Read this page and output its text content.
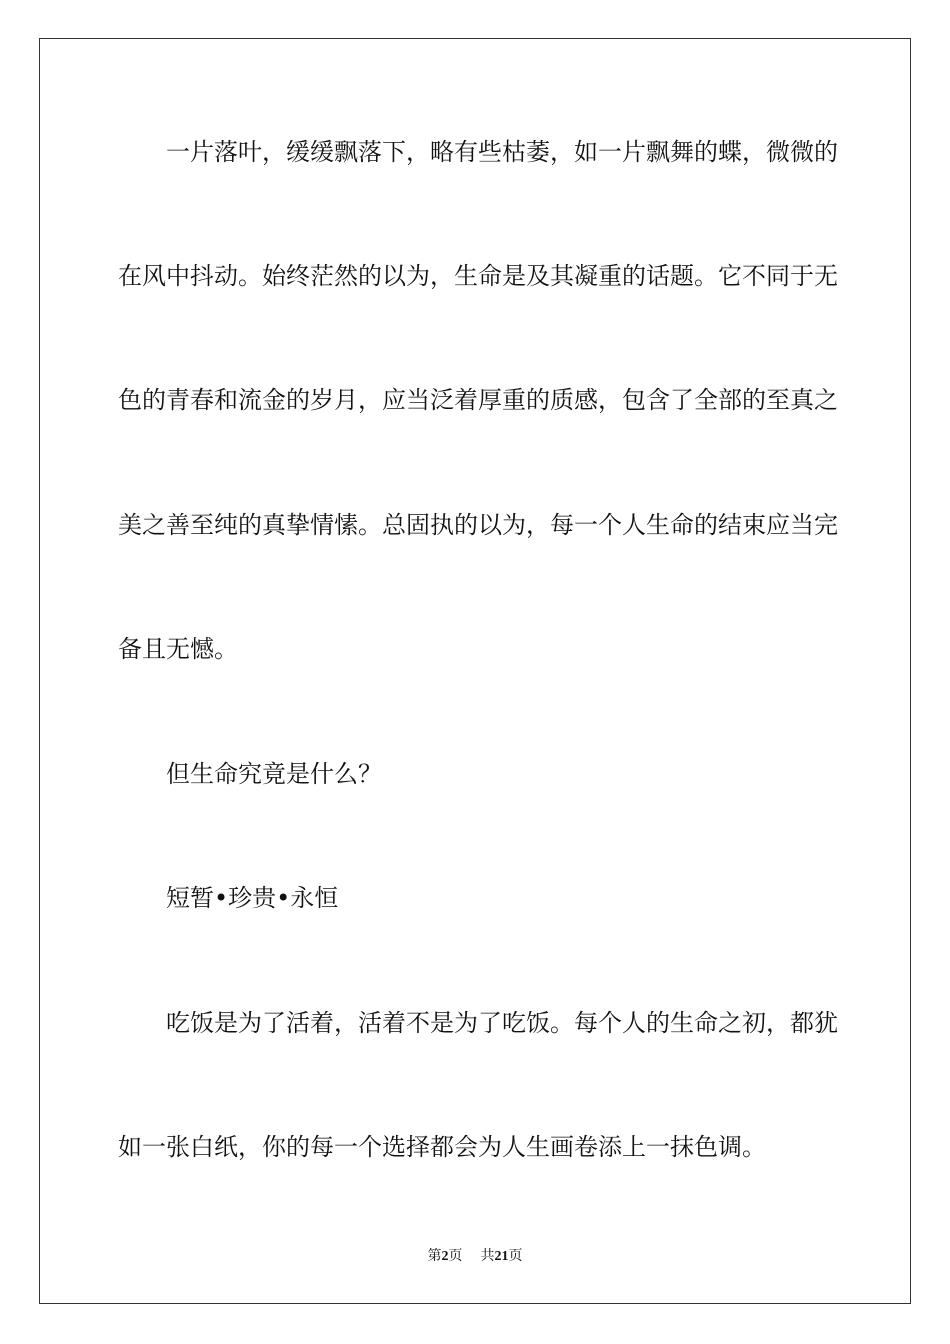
一片落叶，缓缓飘落下，略有些枯萎，如一片飘舞的蝶，微微的
在风中抖动。始终茫然的以为，生命是及其凝重的话题。它不同于无
色的青春和流金的岁月，应当泛着厚重的质感，包含了全部的至真之
美之善至纯的真挚情愫。总固执的以为，每一个人生命的结束应当完
备且无憾。
但生命究竟是什么？
短暂•珍贵•永恒
吃饭是为了活着，活着不是为了吃饭。每个人的生命之初，都犹
如一张白纸，你的每一个选择都会为人生画卷添上一抹色调。
第2页 共21页
